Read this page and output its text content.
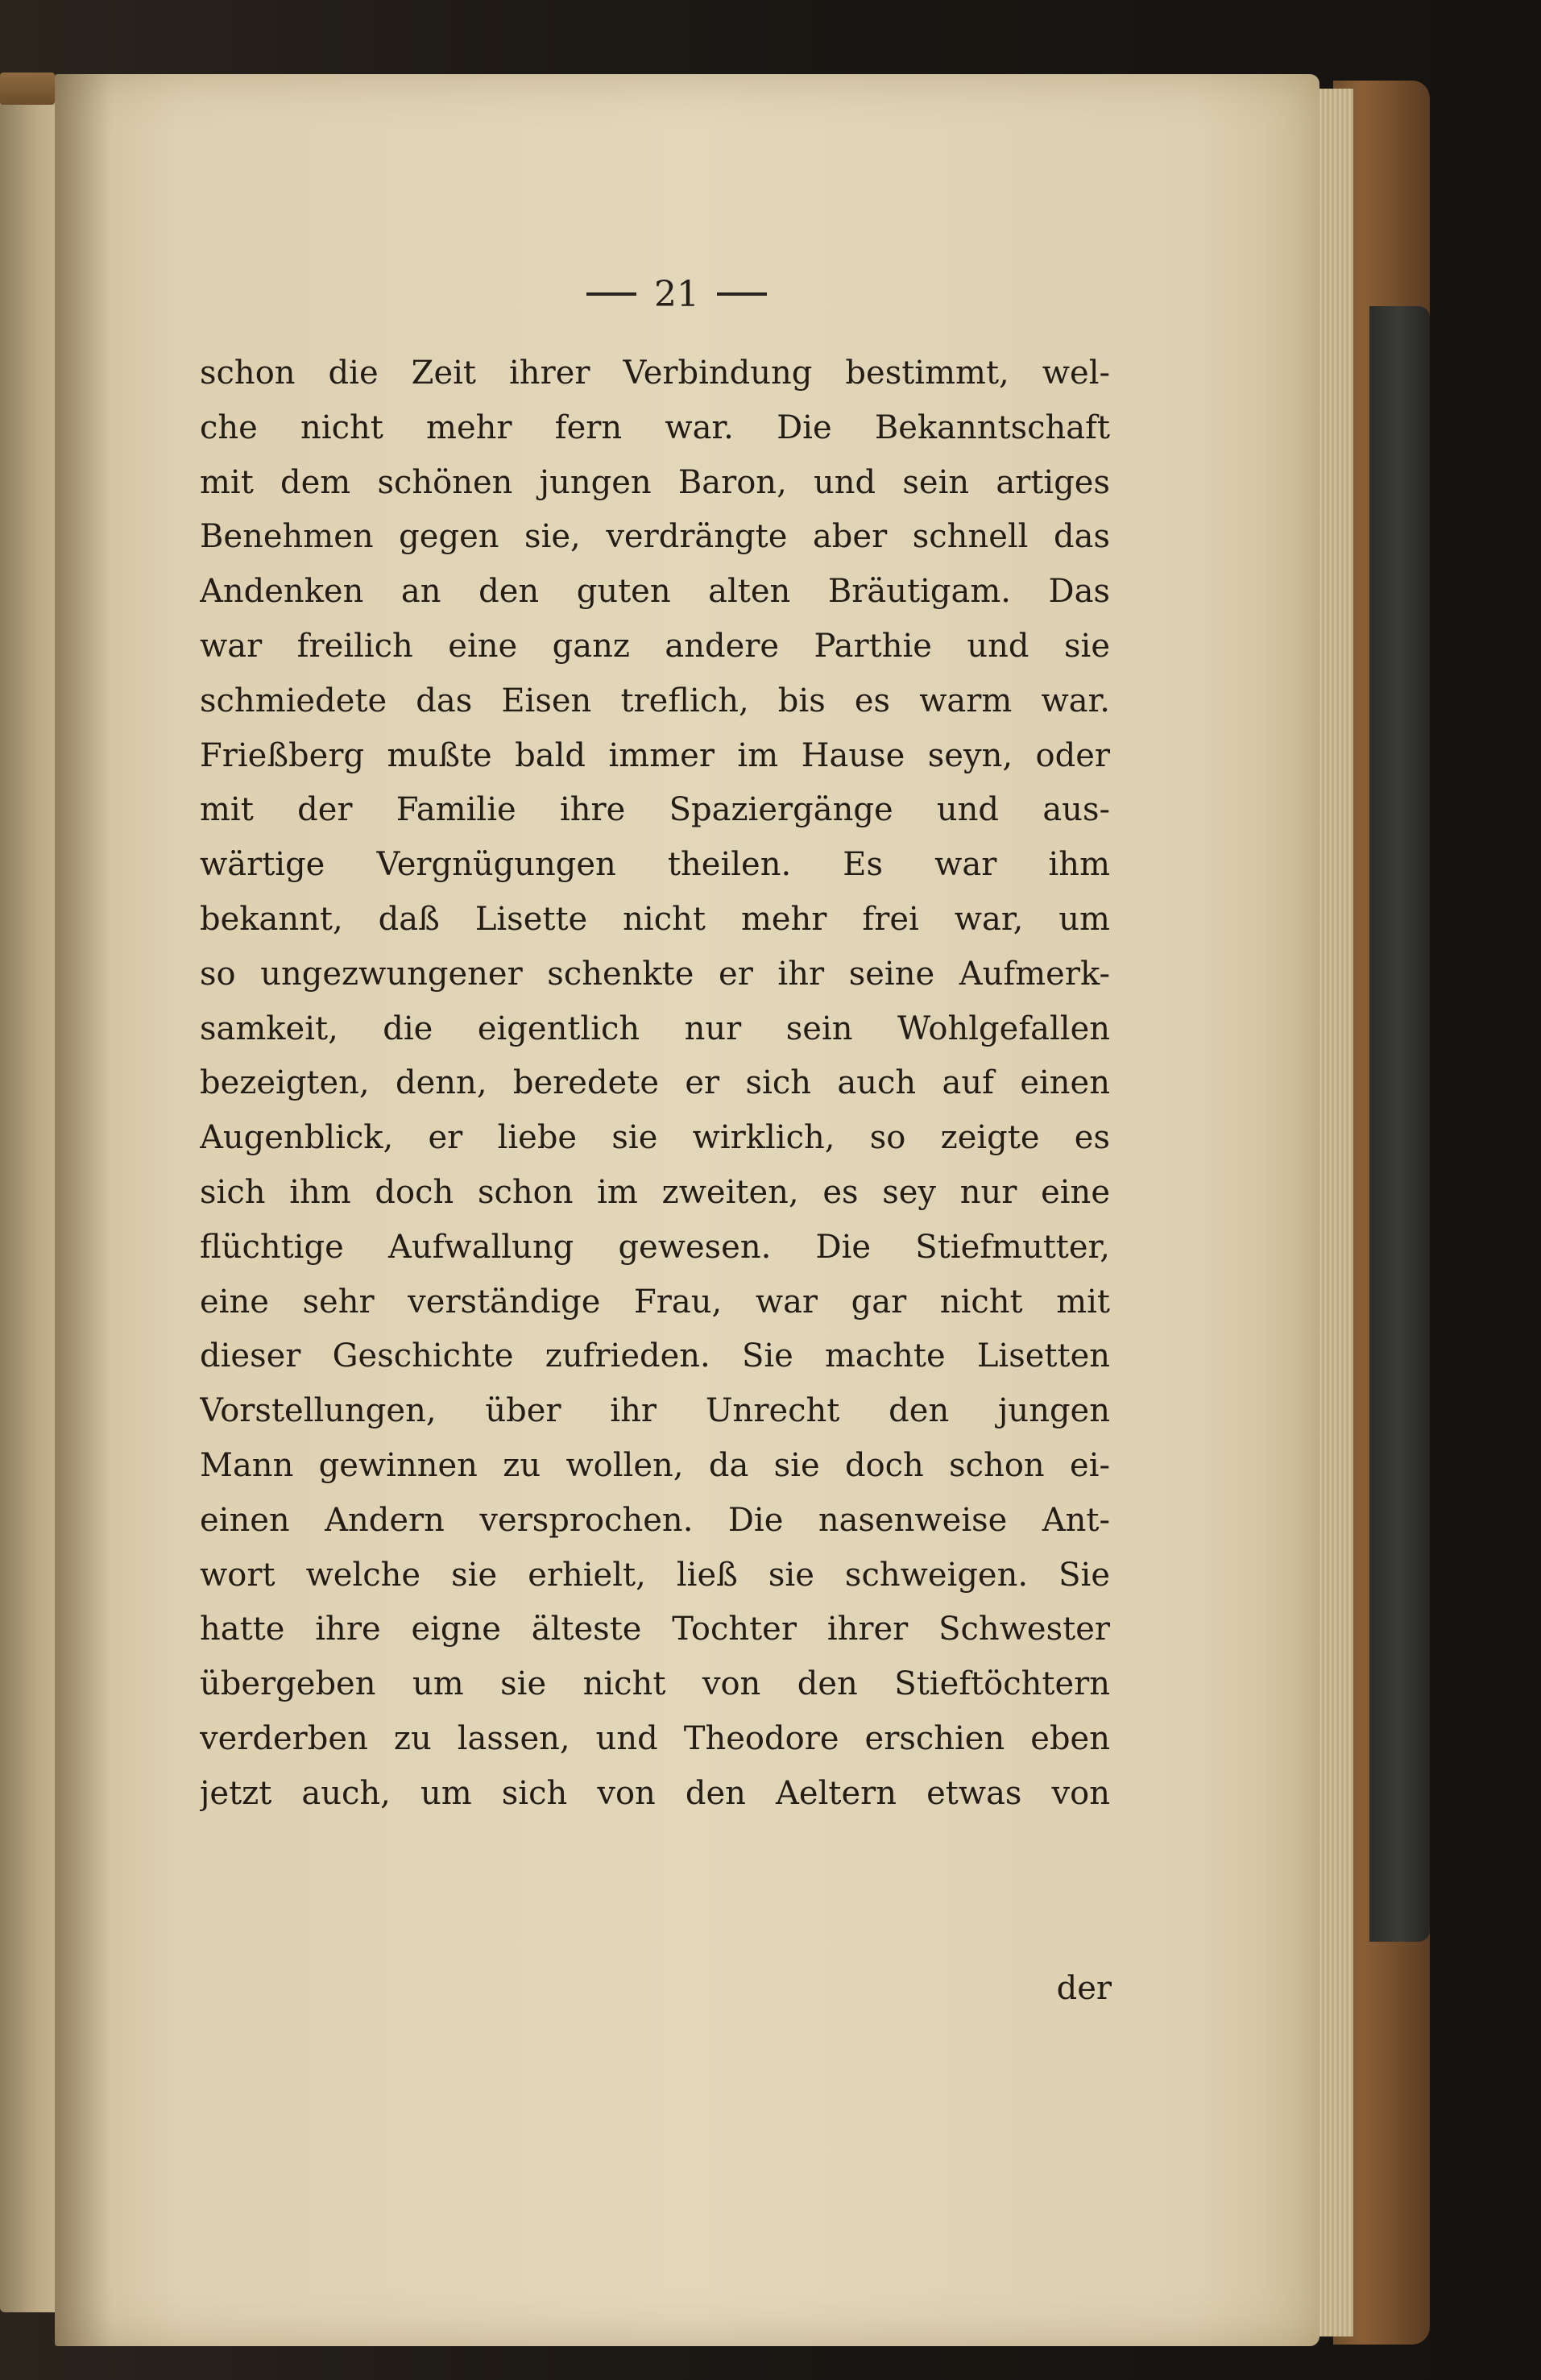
21
schon die Zeit ihrer Verbindung bestimmt, wel-
che nicht mehr fern war. Die Bekanntschaft
mit dem schönen jungen Baron, und sein artiges
Benehmen gegen sie, verdrängte aber schnell das
Andenken an den guten alten Bräutigam. Das
war freilich eine ganz andere Parthie und sie
schmiedete das Eisen treflich, bis es warm war.
Frießberg mußte bald immer im Hause seyn, oder
mit der Familie ihre Spaziergänge und aus-
wärtige Vergnügungen theilen. Es war ihm
bekannt, daß Lisette nicht mehr frei war, um
so ungezwungener schenkte er ihr seine Aufmerk-
samkeit, die eigentlich nur sein Wohlgefallen
bezeigten, denn, beredete er sich auch auf einen
Augenblick, er liebe sie wirklich, so zeigte es
sich ihm doch schon im zweiten, es sey nur eine
flüchtige Aufwallung gewesen. Die Stiefmutter,
eine sehr verständige Frau, war gar nicht mit
dieser Geschichte zufrieden. Sie machte Lisetten
Vorstellungen, über ihr Unrecht den jungen
Mann gewinnen zu wollen, da sie doch schon ei-
einen Andern versprochen. Die nasenweise Ant-
wort welche sie erhielt, ließ sie schweigen. Sie
hatte ihre eigne älteste Tochter ihrer Schwester
übergeben um sie nicht von den Stieftöchtern
verderben zu lassen, und Theodore erschien eben
jetzt auch, um sich von den Aeltern etwas von
der
